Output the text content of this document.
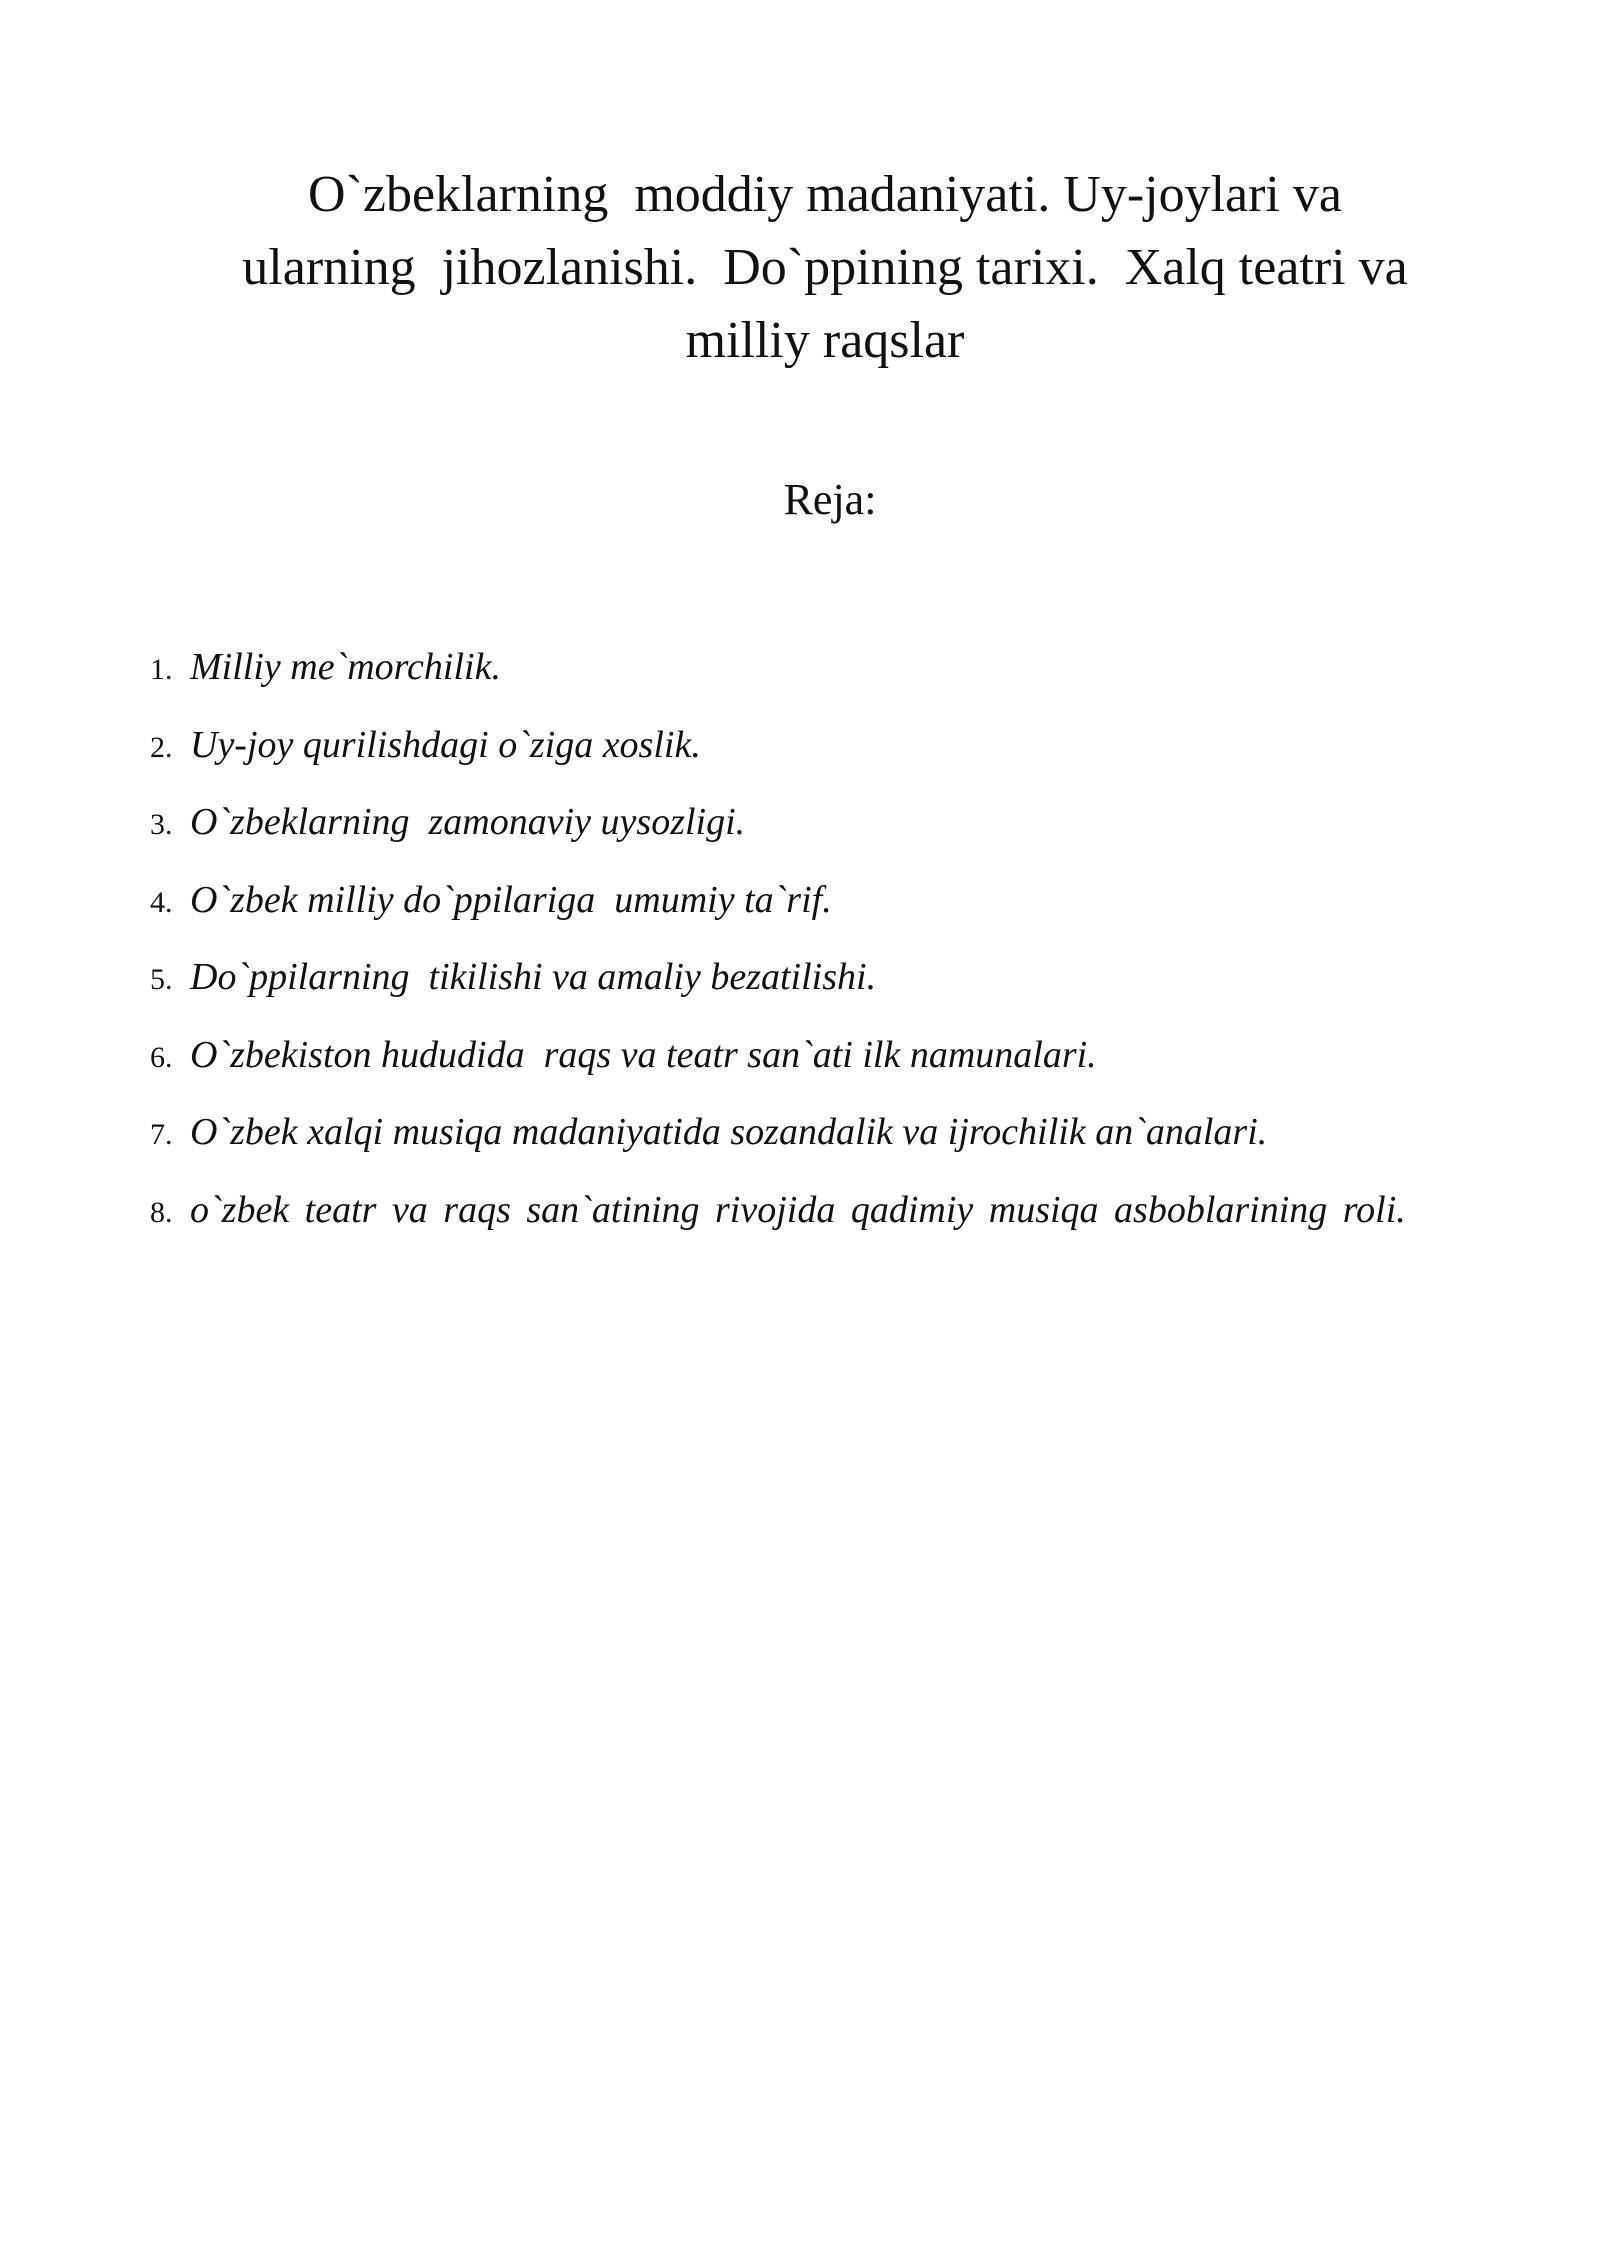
O`zbeklarning  moddiy madaniyati. Uy-joylari va
ularning  jihozlanishi.  Do`ppining tarixi.  Xalq teatri va
milliy raqslar
Reja:
1. Milliy me`morchilik.
2. Uy-joy qurilishdagi o`ziga xoslik.
3. O`zbeklarning  zamonaviy uysozligi.
4. O`zbek milliy do`ppilariga  umumiy ta`rif.
5. Do`ppilarning  tikilishi va amaliy bezatilishi.
6. O`zbekiston hududida  raqs va teatr san`ati ilk namunalari.
7. O`zbek xalqi musiqa madaniyatida sozandalik va ijrochilik an`analari.
8. o`zbek teatr va raqs san`atining rivojida qadimiy musiqa asboblarining roli.
